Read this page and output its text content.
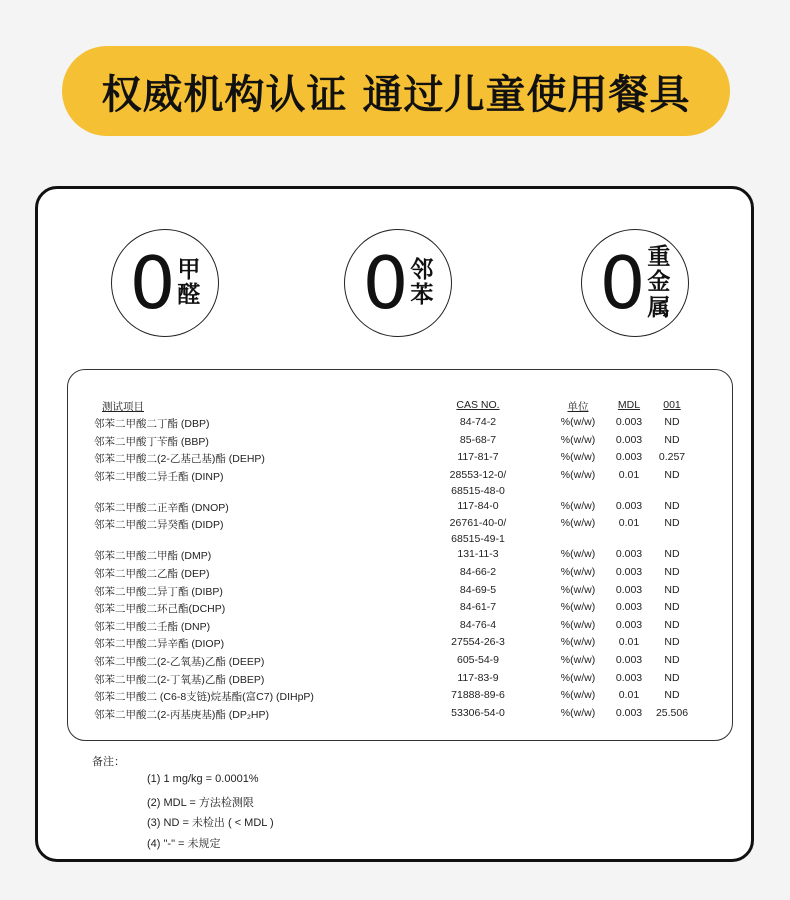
权威机构认证 通过儿童使用餐具
0 甲
醛 0 邻
苯 0 重
金
属
测试项目	CAS NO.	单位	MDL	001
邻苯二甲酸二丁酯 (DBP)	84-74-2	%(w/w)	0.003	ND
邻苯二甲酸丁苄酯 (BBP)	85-68-7	%(w/w)	0.003	ND
邻苯二甲酸二(2-乙基己基)酯 (DEHP)	117-81-7	%(w/w)	0.003	0.257
邻苯二甲酸二异壬酯 (DINP)	28553-12-0/	%(w/w)	0.01	ND
68515-48-0
邻苯二甲酸二正辛酯 (DNOP)	117-84-0	%(w/w)	0.003	ND
邻苯二甲酸二异癸酯 (DIDP)	26761-40-0/	%(w/w)	0.01	ND
68515-49-1
邻苯二甲酸二甲酯 (DMP)	131-11-3	%(w/w)	0.003	ND
邻苯二甲酸二乙酯 (DEP)	84-66-2	%(w/w)	0.003	ND
邻苯二甲酸二异丁酯 (DIBP)	84-69-5	%(w/w)	0.003	ND
邻苯二甲酸二环己酯(DCHP)	84-61-7	%(w/w)	0.003	ND
邻苯二甲酸二壬酯 (DNP)	84-76-4	%(w/w)	0.003	ND
邻苯二甲酸二异辛酯 (DIOP)	27554-26-3	%(w/w)	0.01	ND
邻苯二甲酸二(2-乙氧基)乙酯 (DEEP)	605-54-9	%(w/w)	0.003	ND
邻苯二甲酸二(2-丁氧基)乙酯 (DBEP)	117-83-9	%(w/w)	0.003	ND
邻苯二甲酸二 (C6-8支链)烷基酯(富C7) (DIHpP)	71888-89-6	%(w/w)	0.01	ND
邻苯二甲酸二(2-丙基庚基)酯 (DP₂HP)	53306-54-0	%(w/w)	0.003	25.506
备注：
(1) 1 mg/kg = 0.0001%
(2) MDL = 方法检测限
(3) ND = 未检出 ( < MDL )
(4) "-" = 未规定
